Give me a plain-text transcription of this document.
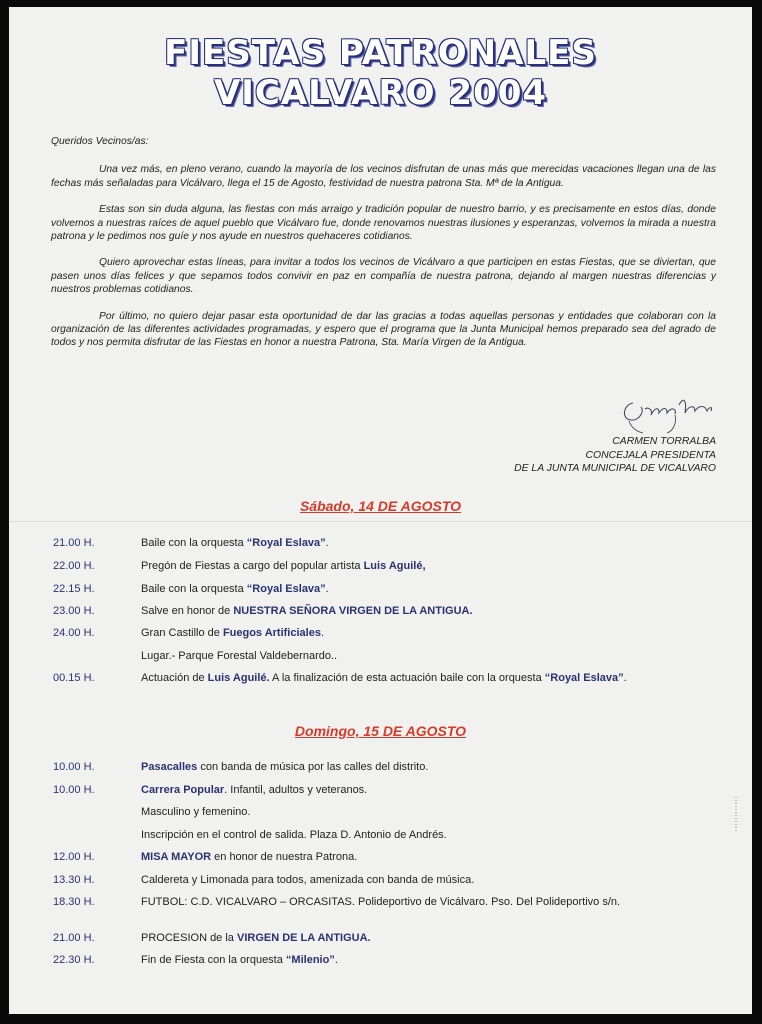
FIESTAS PATRONALES
VICALVARO 2004

Queridos Vecinos/as:

Una vez más, en pleno verano, cuando la mayoría de los vecinos disfrutan de unas más que merecidas vacaciones llegan una de las fechas más señaladas para Vicálvaro, llega el 15 de Agosto, festividad de nuestra patrona Sta. Mª de la Antigua.

Estas son sin duda alguna, las fiestas con más arraigo y tradición popular de nuestro barrio, y es precisamente en estos días, donde volvemos a nuestras raíces de aquel pueblo que Vicálvaro fue, donde renovamos nuestras ilusiones y esperanzas, volvemos la mirada a nuestra patrona y le pedimos nos guíe y nos ayude en nuestros quehaceres cotidianos.

Quiero aprovechar estas líneas, para invitar a todos los vecinos de Vicálvaro a que participen en estas Fiestas, que se diviertan, que pasen unos días felices y que sepamos todos convivir en paz en compañía de nuestra patrona, dejando al margen nuestras diferencias y nuestros problemas cotidianos.

Por último, no quiero dejar pasar esta oportunidad de dar las gracias a todas aquellas personas y entidades que colaboran con la organización de las diferentes actividades programadas, y espero que el programa que la Junta Municipal hemos preparado sea del agrado de todos y nos permita disfrutar de las Fiestas en honor a nuestra Patrona, Sta. María Virgen de la Antigua.

CARMEN TORRALBA
CONCEJALA PRESIDENTA
DE LA JUNTA MUNICIPAL DE VICALVARO
Sábado, 14 DE AGOSTO
21.00 H.	Baile con la orquesta “Royal Eslava”.
22.00 H.	Pregón de Fiestas a cargo del popular artista Luis Aguilé,
22.15 H.	Baile con la orquesta “Royal Eslava”.
23.00 H.	Salve en honor de NUESTRA SEÑORA VIRGEN DE LA ANTIGUA.
24.00 H.	Gran Castillo de Fuegos Artificiales.
Lugar.- Parque Forestal Valdebernardo..
00.15 H.	Actuación de Luis Aguilé. A la finalización de esta actuación baile con la orquesta “Royal Eslava”.
Domingo, 15 DE AGOSTO
10.00 H.	Pasacalles con banda de música por las calles del distrito.
10.00 H.	Carrera Popular. Infantil, adultos y veteranos.
Masculino y femenino.
Inscripción en el control de salida. Plaza D. Antonio de Andrés.
12.00 H.	MISA MAYOR en honor de nuestra Patrona.
13.30 H.	Caldereta y Limonada para todos, amenizada con banda de música.
18.30 H.	FUTBOL: C.D. VICALVARO – ORCASITAS. Polideportivo de Vicálvaro. Pso. Del Polideportivo s/n.
21.00 H.	PROCESION de la VIRGEN DE LA ANTIGUA.
22.30 H.	Fin de Fiesta con la orquesta “Milenio”.
